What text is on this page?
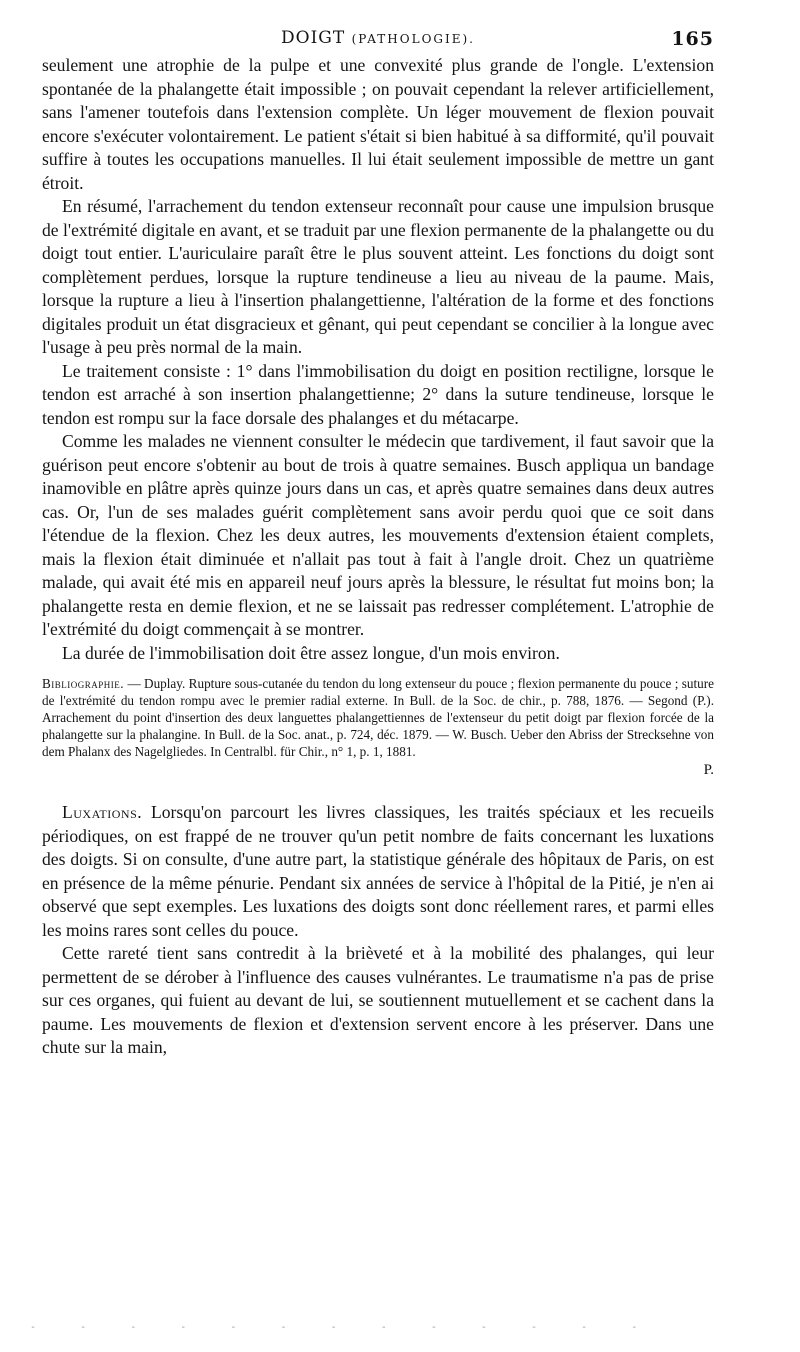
DOIGT (PATHOLOGIE).	165

seulement une atrophie de la pulpe et une convexité plus grande de l'ongle. L'extension spontanée de la phalangette était impossible ; on pouvait cependant la relever artificiellement, sans l'amener toutefois dans l'extension complète. Un léger mouvement de flexion pouvait encore s'exécuter volontairement. Le patient s'était si bien habitué à sa difformité, qu'il pouvait suffire à toutes les occupations manuelles. Il lui était seulement impossible de mettre un gant étroit.

En résumé, l'arrachement du tendon extenseur reconnaît pour cause une impulsion brusque de l'extrémité digitale en avant, et se traduit par une flexion permanente de la phalangette ou du doigt tout entier. L'auriculaire paraît être le plus souvent atteint. Les fonctions du doigt sont complètement perdues, lorsque la rupture tendineuse a lieu au niveau de la paume. Mais, lorsque la rupture a lieu à l'insertion phalangettienne, l'altération de la forme et des fonctions digitales produit un état disgracieux et gênant, qui peut cependant se concilier à la longue avec l'usage à peu près normal de la main.

Le traitement consiste : 1° dans l'immobilisation du doigt en position rectiligne, lorsque le tendon est arraché à son insertion phalangettienne; 2° dans la suture tendineuse, lorsque le tendon est rompu sur la face dorsale des phalanges et du métacarpe.

Comme les malades ne viennent consulter le médecin que tardivement, il faut savoir que la guérison peut encore s'obtenir au bout de trois à quatre semaines. Busch appliqua un bandage inamovible en plâtre après quinze jours dans un cas, et après quatre semaines dans deux autres cas. Or, l'un de ses malades guérit complètement sans avoir perdu quoi que ce soit dans l'étendue de la flexion. Chez les deux autres, les mouvements d'extension étaient complets, mais la flexion était diminuée et n'allait pas tout à fait à l'angle droit. Chez un quatrième malade, qui avait été mis en appareil neuf jours après la blessure, le résultat fut moins bon; la phalangette resta en demie flexion, et ne se laissait pas redresser complétement. L'atrophie de l'extrémité du doigt commençait à se montrer.

La durée de l'immobilisation doit être assez longue, d'un mois environ.

Bibliographie. — Duplay. Rupture sous-cutanée du tendon du long extenseur du pouce ; flexion permanente du pouce ; suture de l'extrémité du tendon rompu avec le premier radial externe. In Bull. de la Soc. de chir., p. 788, 1876. — Segond (P.). Arrachement du point d'insertion des deux languettes phalangettiennes de l'extenseur du petit doigt par flexion forcée de la phalangette sur la phalangine. In Bull. de la Soc. anat., p. 724, déc. 1879. — W. Busch. Ueber den Abriss der Strecksehne von dem Phalanx des Nagelgliedes. In Centralbl. für Chir., n° 1, p. 1, 1881.
P.

Luxations. Lorsqu'on parcourt les livres classiques, les traités spéciaux et les recueils périodiques, on est frappé de ne trouver qu'un petit nombre de faits concernant les luxations des doigts. Si on consulte, d'une autre part, la statistique générale des hôpitaux de Paris, on est en présence de la même pénurie. Pendant six années de service à l'hôpital de la Pitié, je n'en ai observé que sept exemples. Les luxations des doigts sont donc réellement rares, et parmi elles les moins rares sont celles du pouce.

Cette rareté tient sans contredit à la brièveté et à la mobilité des phalanges, qui leur permettent de se dérober à l'influence des causes vulnérantes. Le traumatisme n'a pas de prise sur ces organes, qui fuient au devant de lui, se soutiennent mutuellement et se cachent dans la paume. Les mouvements de flexion et d'extension servent encore à les préserver. Dans une chute sur la main,

-    -    -    -    -    -    -    -    -    -    -    -    -
